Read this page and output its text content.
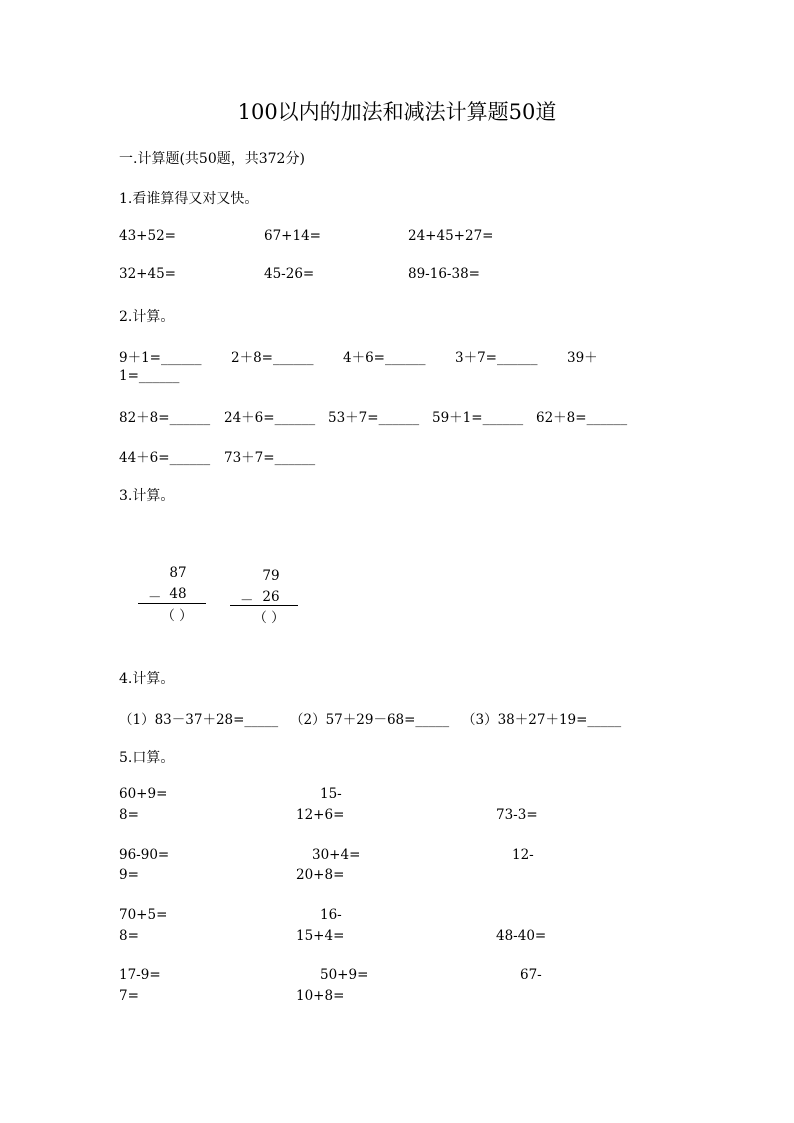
100以内的加法和减法计算题50道
一.计算题(共50题，共372分)
1.看谁算得又对又快。
43+52=	67+14=	24+45+27=
32+45=	45-26=	89-16-38=
2.计算。
9＋1=______ 2＋8=______ 4＋6=______ 3＋7=______ 39＋
1=______
82＋8=______ 24＋6=______ 53＋7=______ 59＋1=______ 62＋8=______
44＋6=______ 73＋7=______
3.计算。
87
－ 48
（ ）
79
－ 26
（ ）
4.计算。
（1）83－37＋28=_____ （2）57＋29－68=_____ （3）38＋27＋19=_____
5.口算。
60+9=	15-
8=	12+6=	73-3=
96-90=	30+4=	12-
9=	20+8=
70+5=	16-
8=	15+4=	48-40=
17-9=	50+9=	67-
7=	10+8=
